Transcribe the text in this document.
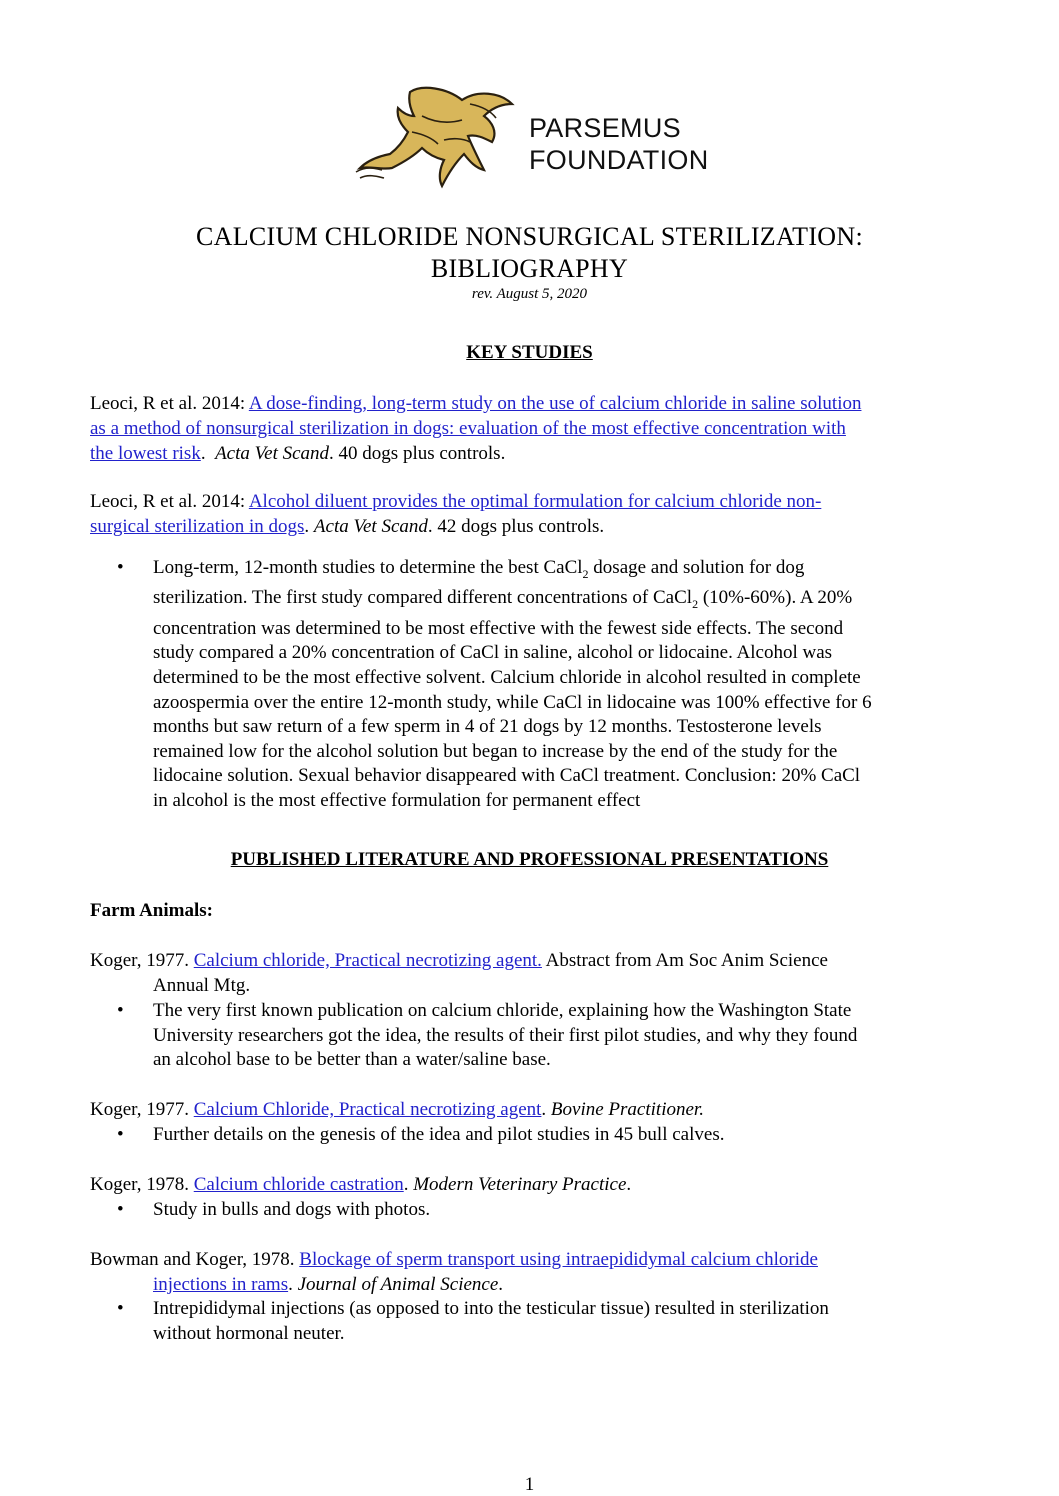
PARSEMUS
FOUNDATION
CALCIUM CHLORIDE NONSURGICAL STERILIZATION:
BIBLIOGRAPHY
rev. August 5, 2020
KEY STUDIES
Leoci, R et al. 2014: A dose-finding, long-term study on the use of calcium chloride in saline solution
as a method of nonsurgical sterilization in dogs: evaluation of the most effective concentration with
the lowest risk.  Acta Vet Scand. 40 dogs plus controls.
Leoci, R et al. 2014: Alcohol diluent provides the optimal formulation for calcium chloride non-
surgical sterilization in dogs. Acta Vet Scand. 42 dogs plus controls.
• Long-term, 12-month studies to determine the best CaCl$_2$ dosage and solution for dog
sterilization. The first study compared different concentrations of CaCl$_2$ (10%-60%). A 20%
concentration was determined to be most effective with the fewest side effects. The second
study compared a 20% concentration of CaCl in saline, alcohol or lidocaine. Alcohol was
determined to be the most effective solvent. Calcium chloride in alcohol resulted in complete
azoospermia over the entire 12-month study, while CaCl in lidocaine was 100% effective for 6
months but saw return of a few sperm in 4 of 21 dogs by 12 months. Testosterone levels
remained low for the alcohol solution but began to increase by the end of the study for the
lidocaine solution. Sexual behavior disappeared with CaCl treatment. Conclusion: 20% CaCl
in alcohol is the most effective formulation for permanent effect
PUBLISHED LITERATURE AND PROFESSIONAL PRESENTATIONS
Farm Animals:
Koger, 1977. Calcium chloride, Practical necrotizing agent. Abstract from Am Soc Anim Science
Annual Mtg.
• The very first known publication on calcium chloride, explaining how the Washington State
University researchers got the idea, the results of their first pilot studies, and why they found
an alcohol base to be better than a water/saline base.
Koger, 1977. Calcium Chloride, Practical necrotizing agent. Bovine Practitioner.
• Further details on the genesis of the idea and pilot studies in 45 bull calves.
Koger, 1978. Calcium chloride castration. Modern Veterinary Practice.
• Study in bulls and dogs with photos.
Bowman and Koger, 1978. Blockage of sperm transport using intraepididymal calcium chloride
injections in rams. Journal of Animal Science.
• Intrepididymal injections (as opposed to into the testicular tissue) resulted in sterilization
without hormonal neuter.
1
